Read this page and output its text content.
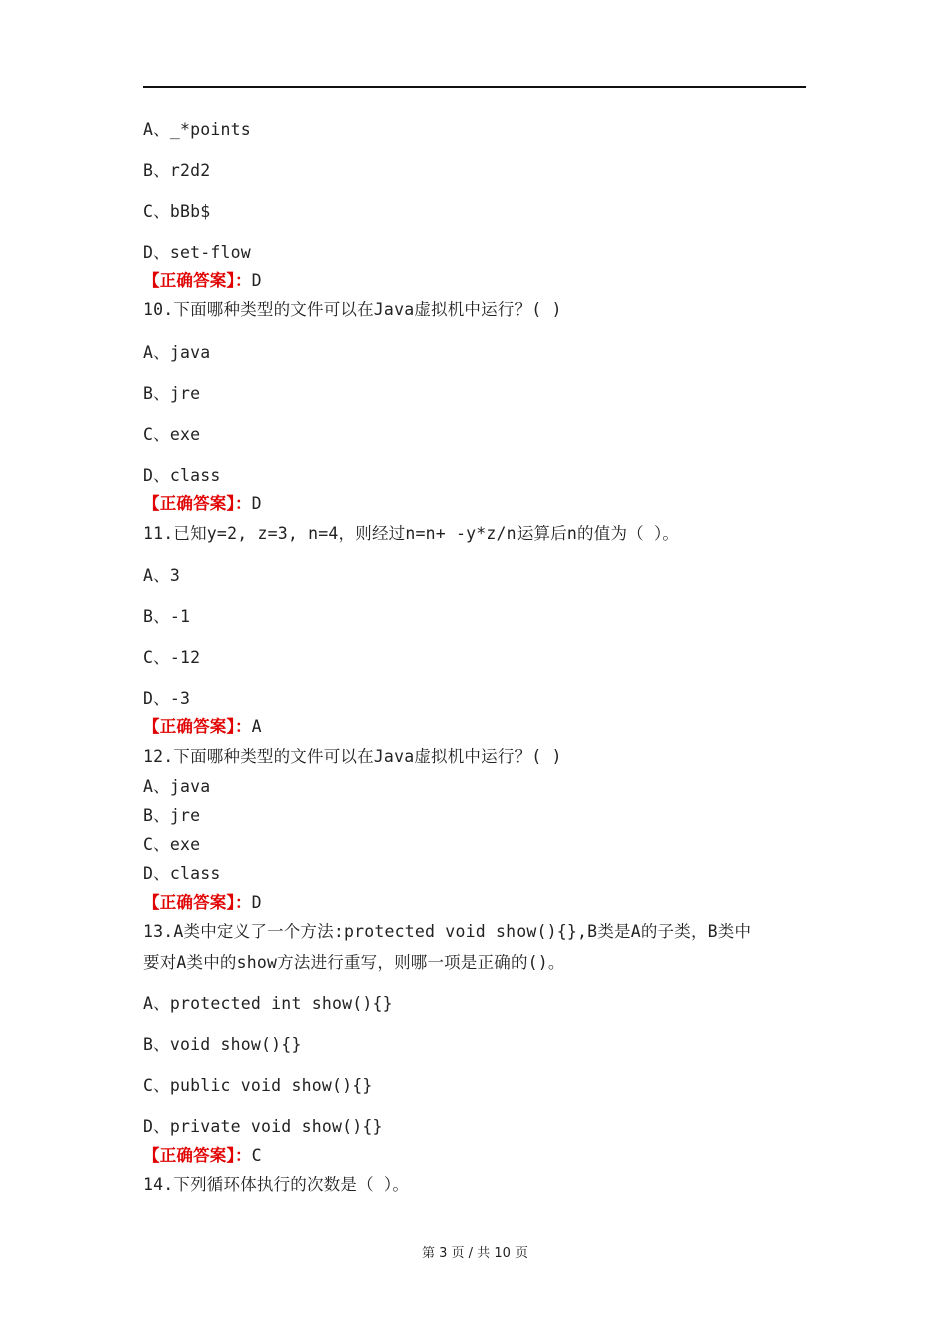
A、_*points
B、r2d2
C、bBb$
D、set-flow
【正确答案】：D
10.下面哪种类型的文件可以在Java虚拟机中运行？( )
A、java
B、jre
C、exe
D、class
【正确答案】：D
11.已知y=2, z=3, n=4，则经过n=n+ -y*z/n运算后n的值为（ ）。
A、3
B、-1
C、-12
D、-3
【正确答案】：A
12.下面哪种类型的文件可以在Java虚拟机中运行？( )
A、java
B、jre
C、exe
D、class
【正确答案】：D
13.A类中定义了一个方法:protected void show(){},B类是A的子类，B类中
要对A类中的show方法进行重写，则哪一项是正确的()。
A、protected int show(){}
B、void show(){}
C、public void show(){}
D、private void show(){}
【正确答案】：C
14.下列循环体执行的次数是（ ）。
第 3 页 / 共 10 页
